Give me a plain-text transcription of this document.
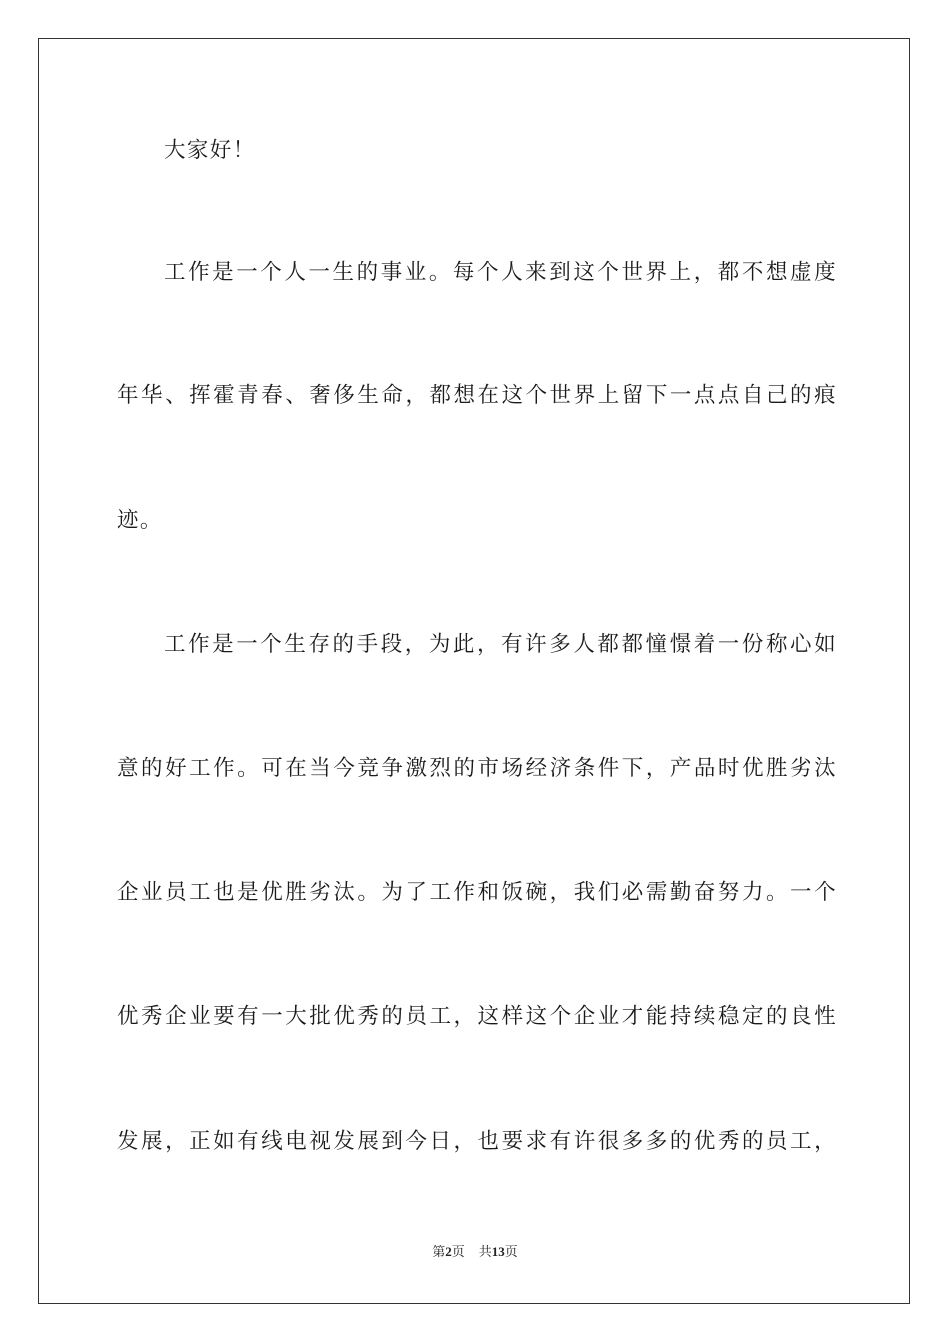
大家好！
工作是一个人一生的事业。每个人来到这个世界上，都不想虚度
年华、挥霍青春、奢侈生命，都想在这个世界上留下一点点自己的痕
迹。
工作是一个生存的手段，为此，有许多人都都憧憬着一份称心如
意的好工作。可在当今竞争激烈的市场经济条件下，产品时优胜劣汰
企业员工也是优胜劣汰。为了工作和饭碗，我们必需勤奋努力。一个
优秀企业要有一大批优秀的员工，这样这个企业才能持续稳定的良性
发展，正如有线电视发展到今日，也要求有许很多多的优秀的员工，
第2页 共13页
